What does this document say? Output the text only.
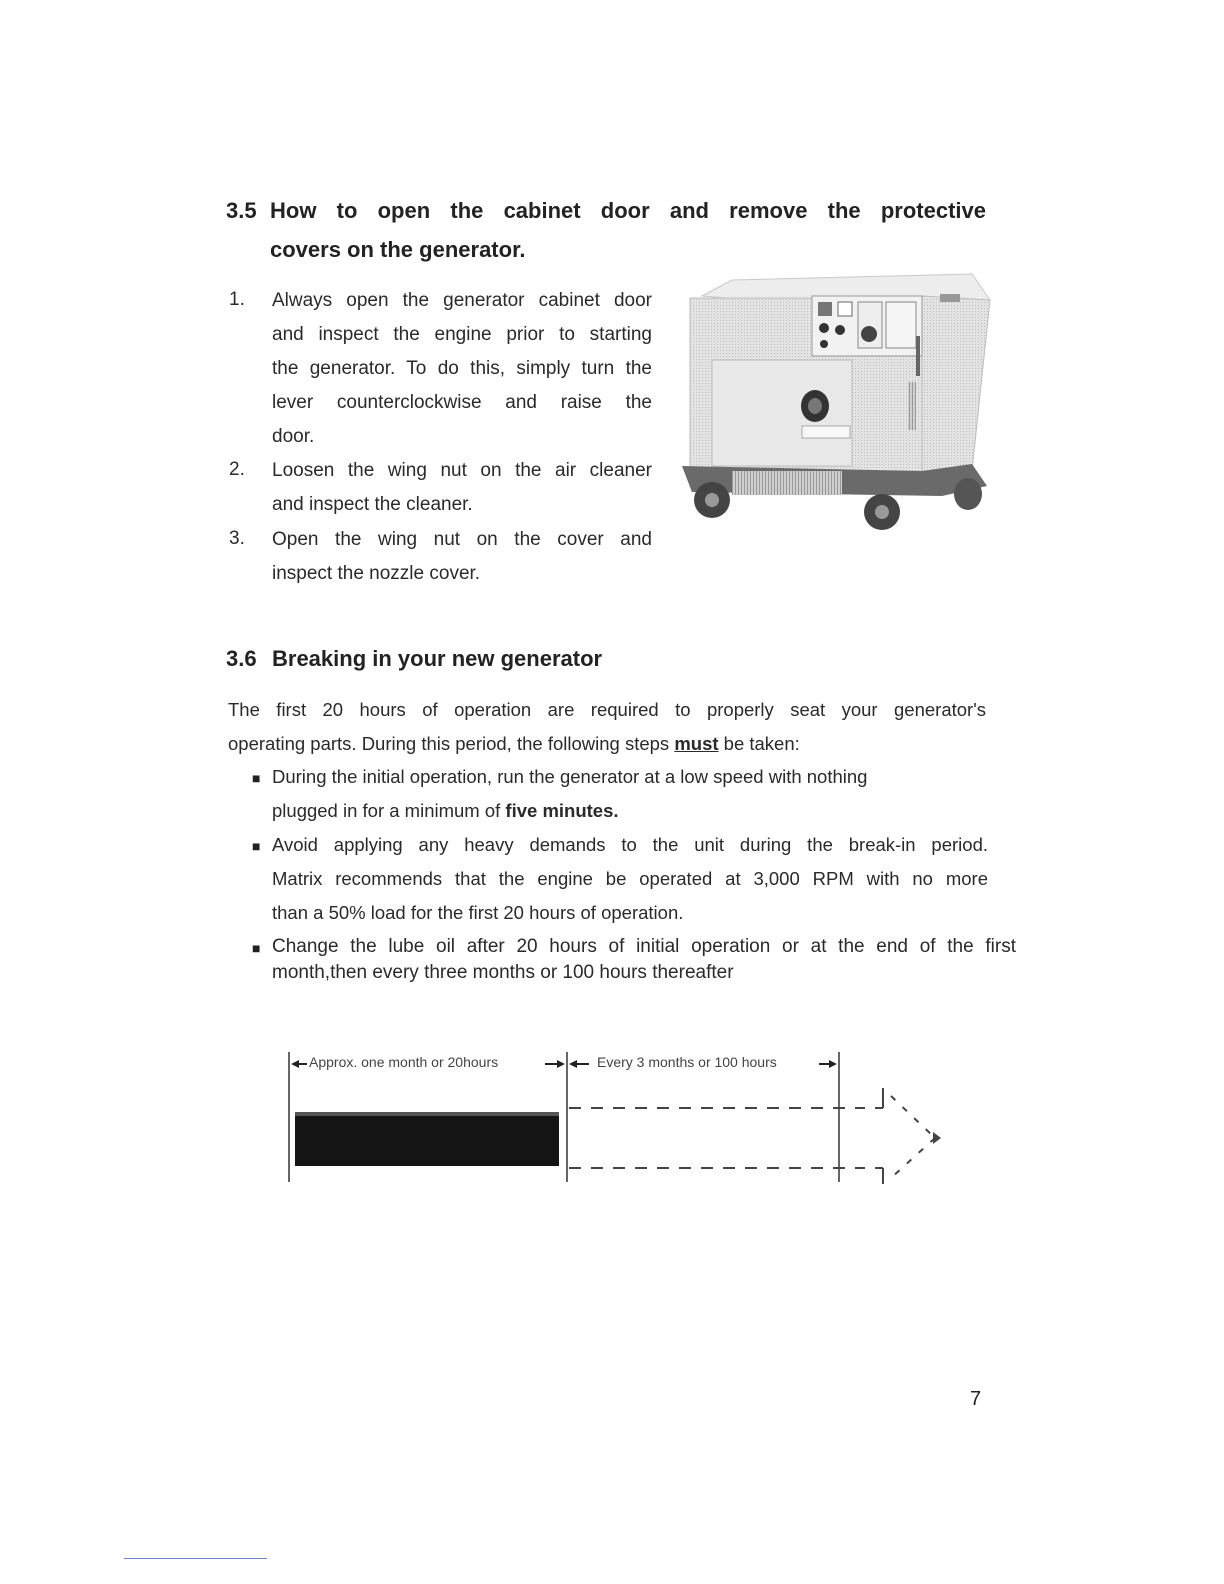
3.5 How to open the cabinet door and remove the protective
covers on the generator.
1. Always open the generator cabinet door
and inspect the engine prior to starting
the generator. To do this, simply turn the
lever counterclockwise and raise the
door.
2. Loosen the wing nut on the air cleaner
and inspect the cleaner.
3. Open the wing nut on the cover and
inspect the nozzle cover.
3.6 Breaking in your new generator
The first 20 hours of operation are required to properly seat your generator's
operating parts. During this period, the following steps must be taken:
■ During the initial operation, run the generator at a low speed with nothing
plugged in for a minimum of five minutes.
■ Avoid applying any heavy demands to the unit during the break-in period.
Matrix recommends that the engine be operated at 3,000 RPM with no more
than a 50% load for the first 20 hours of operation.
■ Change the lube oil after 20 hours of initial operation or at the end of the first
month,then every three months or 100 hours thereafter
Approx. one month or 20hours	Every 3 months or 100 hours
7
